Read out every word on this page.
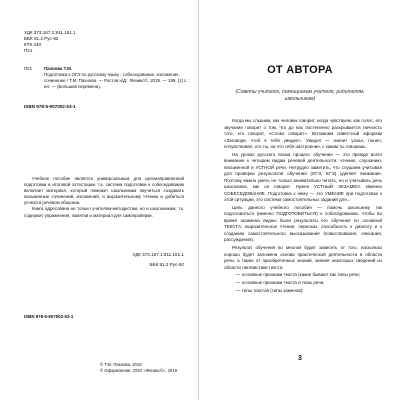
УДК 373.167.1:811.161.1
ББК 81.2.Рус-92
КТК 440
П21
П21	Пахнова Т.М.
Подготовка к ОГЭ по русскому языку : собеседование, изложение, сочинение / Т.М. Пахнова. — Ростов н/Д : Феникс©, 2019. — 189, [1] с. : ил. — (Большая перемена).
ISBN 978-5-907002-53-1

Учебное пособие является универсальным для целенаправленной подготовки и итоговой аттестации, т.к. система подготовки к собеседованию включает материал, который поможет школьникам научиться создавать письменные сочинений, изложений, и выразительному чтению и добиться успеха в речевом общении.

Книга адресована не только учителям-методистам, но и школьникам, т.к. содержит упражнения, памятки и материал для самопроверки.

УДК 373.167.1:811.161.1
ББК 81.2.Рус-92
ISBN 978-5-907002-53-1
© Т.М. Пахнова, 2019
© Оформление: ООО «Феникс©», 2019
ОТ АВТОРА
(Советы учителю, помощникам учителя, родителям, школьникам)

Когда мы слышим, как человек говорит, когда чувствуем, как голос, его звучание говорит о том, что до нас постепенно раскрывается личность того, кто говорит, «Слово говорит». Вспомним известный афоризм «Заговори, чтоб я тебя увидел». Увидел — значит узнал, понял, почувствовал, кто ты, на что тебя настроение, с каким ты говоришь.

На уроках русского языка процесс обучения — это прежде всего внимание к четырем видам речевой деятельности: чтению, слушанию, письменной и УСТНОЙ речи. Нетрудно заметить, что слушаем учитывая для проверки результатов обучения (ОГЭ, ЕГЭ) уделяет внимание. Поэтому важно уметь не только внимательно читать, но и учитывать речь школьника, как он говорит. Нужен УСТНЫЙ ЭКЗАМЕН. Именно СОБЕСЕДОВАНИЕ. Подготовка к нему — это УМЕНИЕ при подготовке к этой ситуации, это система самостоятельных заданий для...

Цель данного учебного пособия — помочь школьнику так подготовиться (именно ПОДГОТОВИТЬСЯ) к собеседованию, чтобы во время экзамена видны были результаты его обучения по основной ТЕКСТА: выразительное чтение, пересказ, способность к диалогу и к созданию самостоятельного высказывания (повествования, описания, рассуждения).

Результат обучения во многом будет зависеть от того, насколько хорошо будет заложена основа практической деятельности в области речи, а также от приобретенных знаний, знания некоторых сведений из области лингвистики текста:

— основные признаки текста (какие бывают как типы речи;

— основные признаки текста и типы речи;

— типы текстов (типы заменов);

3
